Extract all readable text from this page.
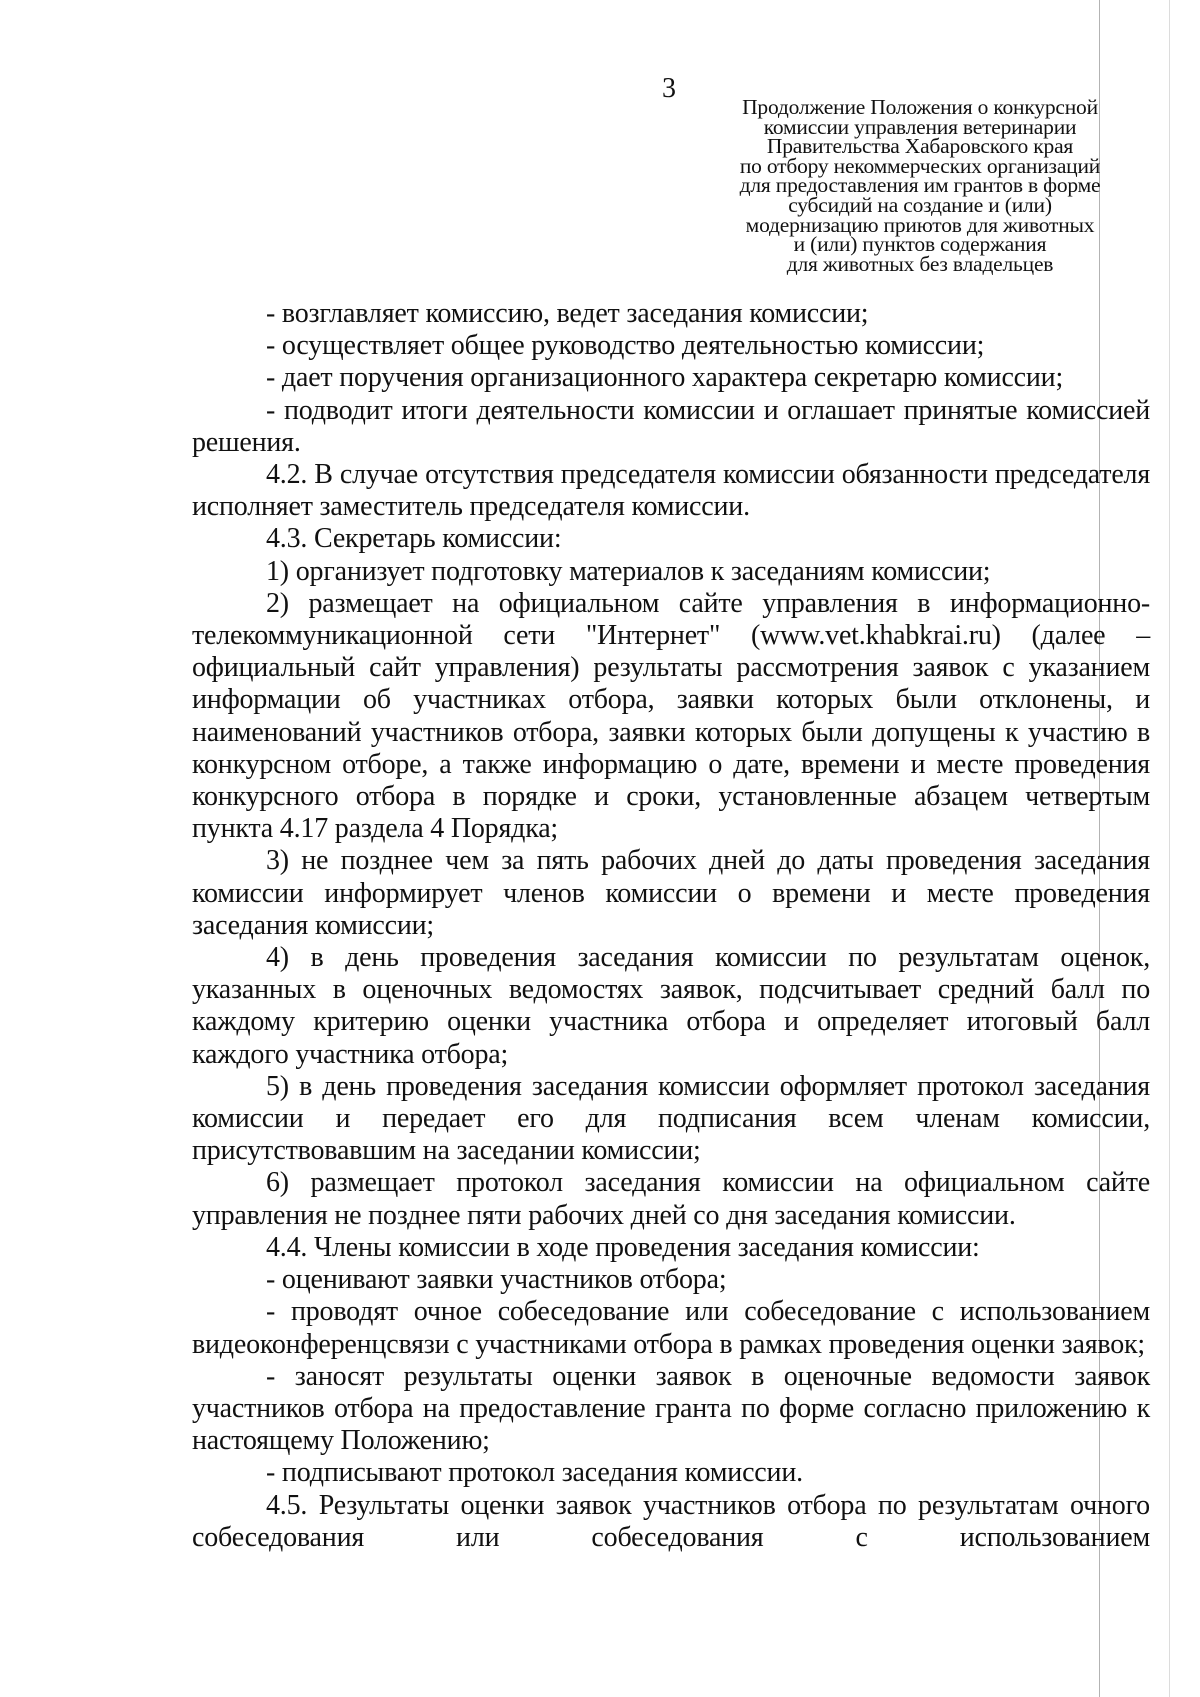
3
Продолжение Положения о конкурсной
комиссии управления ветеринарии
Правительства Хабаровского края
по отбору некоммерческих организаций
для предоставления им грантов в форме
субсидий на создание и (или)
модернизацию приютов для животных
и (или) пунктов содержания
для животных без владельцев

- возглавляет комиссию, ведет заседания комиссии;

- осуществляет общее руководство деятельностью комиссии;

- дает поручения организационного характера секретарю комиссии;

- подводит итоги деятельности комиссии и оглашает принятые комиссией решения.

4.2. В случае отсутствия председателя комиссии обязанности председателя исполняет заместитель председателя комиссии.

4.3. Секретарь комиссии:

1) организует подготовку материалов к заседаниям комиссии;

2) размещает на официальном сайте управления в информационно-телекоммуникационной сети "Интернет" (www.vet.khabkrai.ru) (далее – официальный сайт управления) результаты рассмотрения заявок с указанием информации об участниках отбора, заявки которых были отклонены, и наименований участников отбора, заявки которых были допущены к участию в конкурсном отборе, а также информацию о дате, времени и месте проведения конкурсного отбора в порядке и сроки, установленные абзацем четвертым пункта 4.17 раздела 4 Порядка;

3) не позднее чем за пять рабочих дней до даты проведения заседания комиссии информирует членов комиссии о времени и месте проведения заседания комиссии;

4) в день проведения заседания комиссии по результатам оценок, указанных в оценочных ведомостях заявок, подсчитывает средний балл по каждому критерию оценки участника отбора и определяет итоговый балл каждого участника отбора;

5) в день проведения заседания комиссии оформляет протокол заседания комиссии и передает его для подписания всем членам комиссии, присутствовавшим на заседании комиссии;

6) размещает протокол заседания комиссии на официальном сайте управления не позднее пяти рабочих дней со дня заседания комиссии.

4.4. Члены комиссии в ходе проведения заседания комиссии:

- оценивают заявки участников отбора;

- проводят очное собеседование или собеседование с использованием видеоконференцсвязи с участниками отбора в рамках проведения оценки заявок;

- заносят результаты оценки заявок в оценочные ведомости заявок участников отбора на предоставление гранта по форме согласно приложению к настоящему Положению;

- подписывают протокол заседания комиссии.

4.5. Результаты оценки заявок участников отбора по результатам очного собеседования или собеседования с использованием
